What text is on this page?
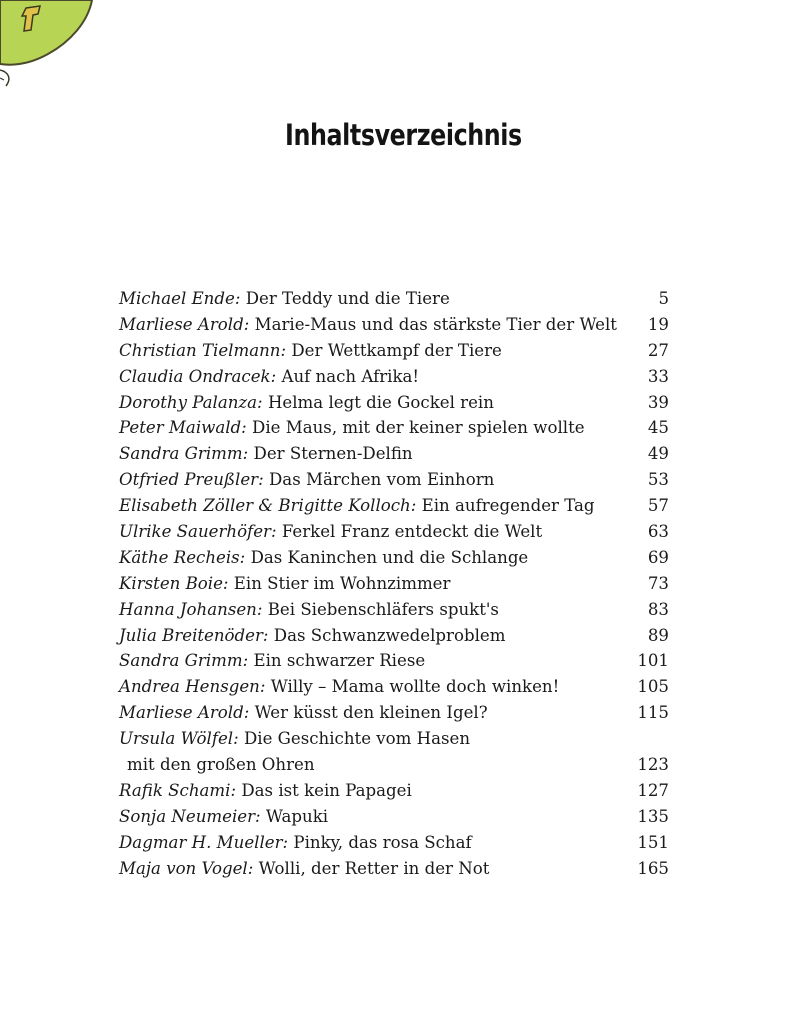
Inhaltsverzeichnis
Michael Ende: Der Teddy und die Tiere	5
Marliese Arold: Marie-Maus und das stärkste Tier der Welt	19
Christian Tielmann: Der Wettkampf der Tiere	27
Claudia Ondracek: Auf nach Afrika!	33
Dorothy Palanza: Helma legt die Gockel rein	39
Peter Maiwald: Die Maus, mit der keiner spielen wollte	45
Sandra Grimm: Der Sternen-Delfin	49
Otfried Preußler: Das Märchen vom Einhorn	53
Elisabeth Zöller & Brigitte Kolloch: Ein aufregender Tag	57
Ulrike Sauerhöfer: Ferkel Franz entdeckt die Welt	63
Käthe Recheis: Das Kaninchen und die Schlange	69
Kirsten Boie: Ein Stier im Wohnzimmer	73
Hanna Johansen: Bei Siebenschläfers spukt's	83
Julia Breitenöder: Das Schwanzwedelproblem	89
Sandra Grimm: Ein schwarzer Riese	101
Andrea Hensgen: Willy – Mama wollte doch winken!	105
Marliese Arold: Wer küsst den kleinen Igel?	115
Ursula Wölfel: Die Geschichte vom Hasen
mit den großen Ohren	123
Rafik Schami: Das ist kein Papagei	127
Sonja Neumeier: Wapuki	135
Dagmar H. Mueller: Pinky, das rosa Schaf	151
Maja von Vogel: Wolli, der Retter in der Not	165
